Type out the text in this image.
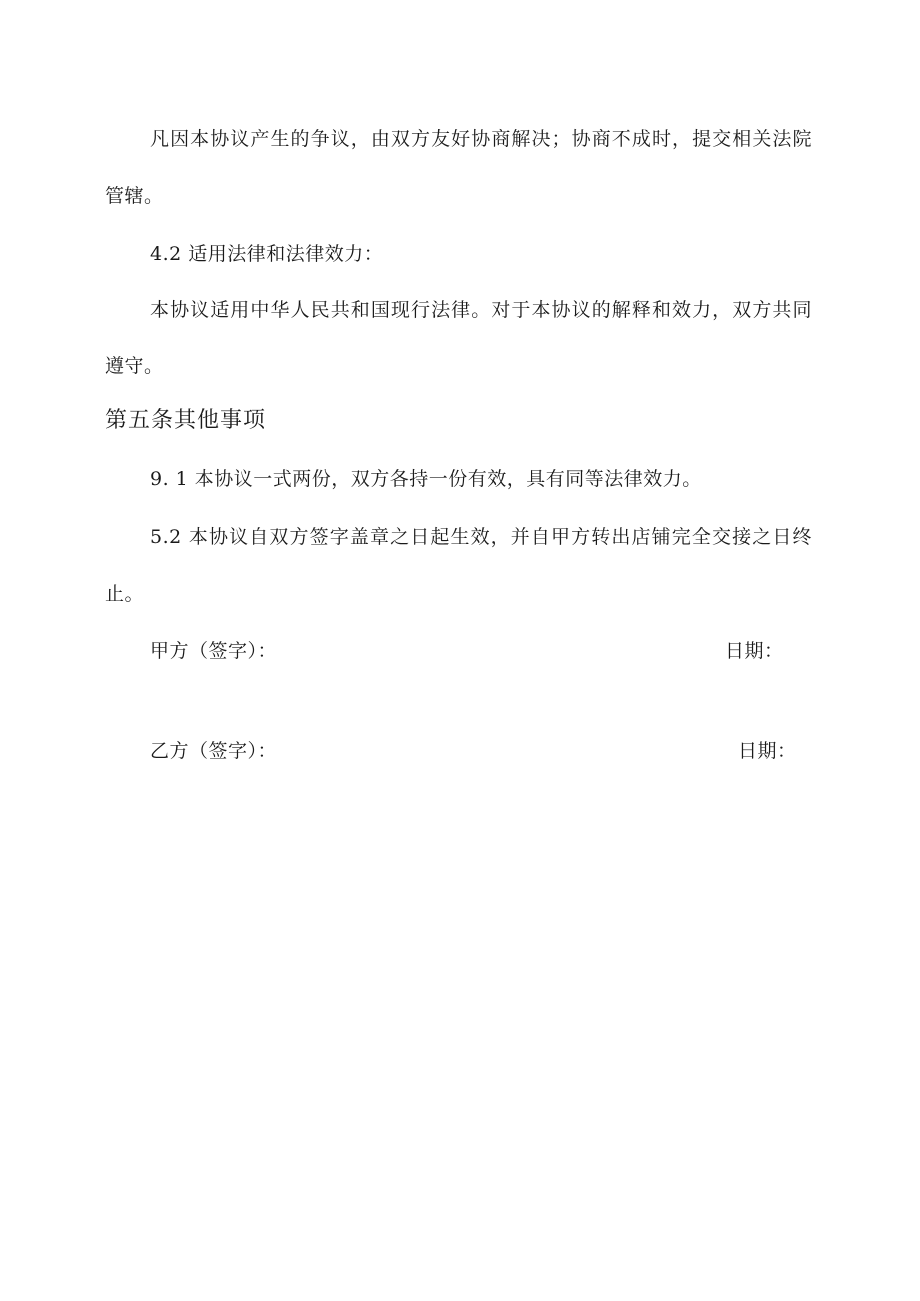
凡因本协议产生的争议，由双方友好协商解决；协商不成时，提交相关法院
管辖。
4.2 适用法律和法律效力：
本协议适用中华人民共和国现行法律。对于本协议的解释和效力，双方共同
遵守。
第五条其他事项
9. 1 本协议一式两份，双方各持一份有效，具有同等法律效力。
5.2 本协议自双方签字盖章之日起生效，并自甲方转出店铺完全交接之日终
止。
甲方（签字）：	日期：
乙方（签字）：	日期：
